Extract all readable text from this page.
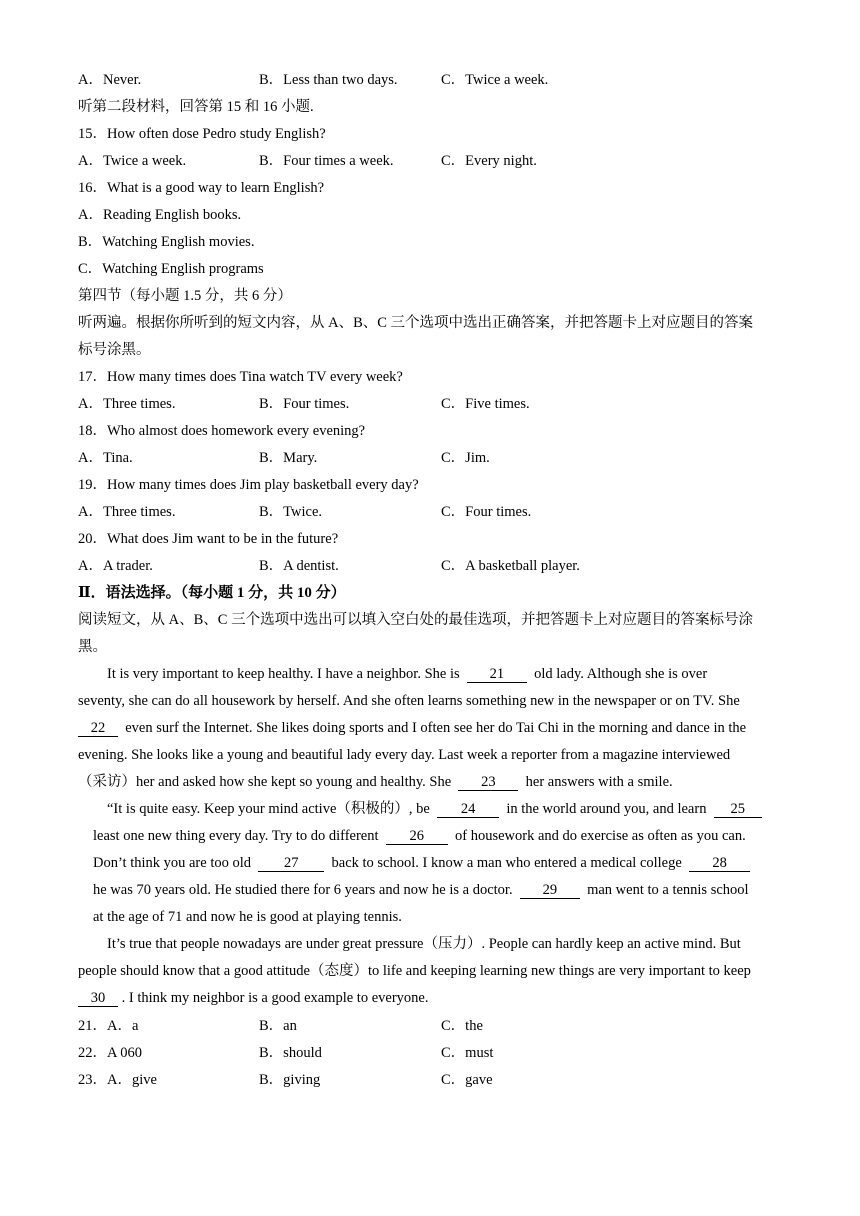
A．Never.	B．Less than two days.	C．Twice a week.
听第二段材料，回答第 15 和 16 小题.
15．How often dose Pedro study English?
A．Twice a week.	B．Four times a week.	C．Every night.
16．What is a good way to learn English?
A．Reading English books.
B．Watching English movies.
C．Watching English programs
第四节（每小题 1.5 分，共 6 分）
听两遍。根据你所听到的短文内容，从 A、B、C 三个选项中选出正确答案，并把答题卡上对应题目的答案
标号涂黑。
17．How many times does Tina watch TV every week?
A．Three times.	B．Four times.	C．Five times.
18．Who almost does homework every evening?
A．Tina.	B．Mary.	C．Jim.
19．How many times does Jim play basketball every day?
A．Three times.	B．Twice.	C．Four times.
20．What does Jim want to be in the future?
A．A trader.	B．A dentist.	C．A basketball player.
Ⅱ．语法选择。（每小题 1 分，共 10 分）
阅读短文，从 A、B、C 三个选项中选出可以填入空白处的最佳选项，并把答题卡上对应题目的答案标号涂
黑。
It is very important to keep healthy. I have a neighbor. She is 21 old lady. Although she is over
seventy, she can do all housework by herself. And she often learns something new in the newspaper or on TV. She
22 even surf the Internet. She likes doing sports and I often see her do Tai Chi in the morning and dance in the
evening. She looks like a young and beautiful lady every day. Last week a reporter from a magazine interviewed
（采访）her and asked how she kept so young and healthy. She 23 her answers with a smile.
“It is quite easy. Keep your mind active（积极的）, be 24 in the world around you, and learn 25
least one new thing every day. Try to do different 26 of housework and do exercise as often as you can.
Don’t think you are too old 27 back to school. I know a man who entered a medical college 28
he was 70 years old. He studied there for 6 years and now he is a doctor. 29 man went to a tennis school
at the age of 71 and now he is good at playing tennis.
It’s true that people nowadays are under great pressure（压力）. People can hardly keep an active mind. But
people should know that a good attitude（态度）to life and keeping learning new things are very important to keep
30 . I think my neighbor is a good example to everyone.
21．A．a	B．an	C．the
22．A 060	B．should	C．must
23．A．give	B．giving	C．gave
